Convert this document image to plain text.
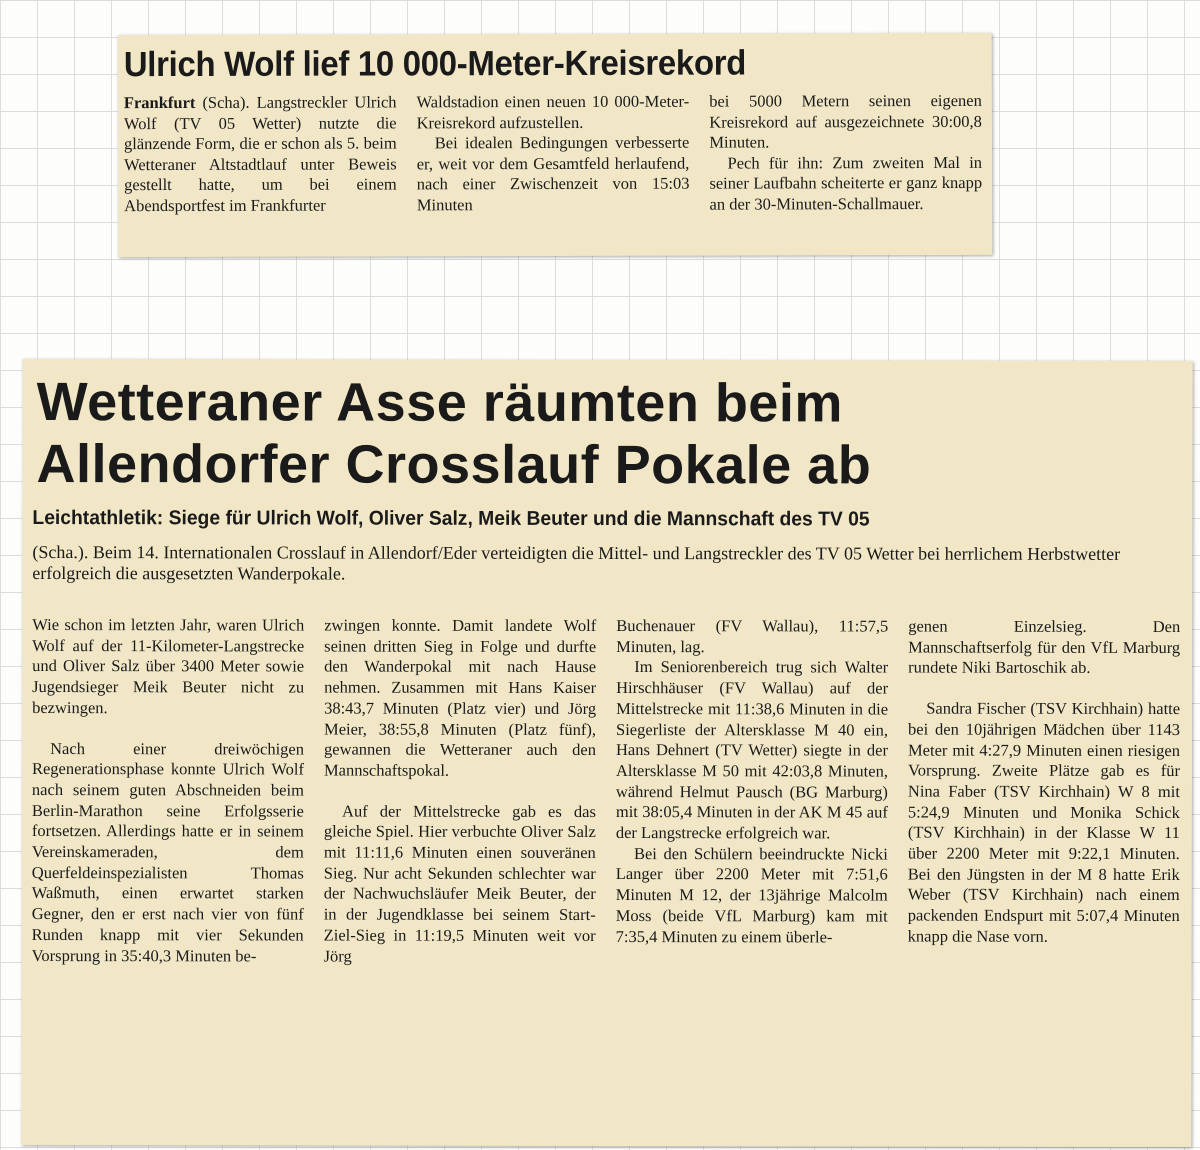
Ulrich Wolf lief 10 000-Meter-Kreisrekord

Frankfurt (Scha). Langstreckler Ulrich Wolf (TV 05 Wetter) nutzte die glänzende Form, die er schon als 5. beim Wetteraner Altstadtlauf unter Beweis gestellt hatte, um bei einem Abendsportfest im Frankfurter

Waldstadion einen neuen 10 000-Meter-Kreisrekord aufzustellen.

Bei idealen Bedingungen verbesserte er, weit vor dem Gesamtfeld herlaufend, nach einer Zwischenzeit von 15:03 Minuten

bei 5000 Metern seinen eigenen Kreisrekord auf ausgezeichnete 30:00,8 Minuten.

Pech für ihn: Zum zweiten Mal in seiner Laufbahn scheiterte er ganz knapp an der 30-Minuten-Schallmauer.

Wetteraner Asse räumten beim
Allendorfer Crosslauf Pokale ab
Leichtathletik: Siege für Ulrich Wolf, Oliver Salz, Meik Beuter und die Mannschaft des TV 05
(Scha.). Beim 14. Internationalen Crosslauf in Allendorf/Eder verteidigten die Mittel- und Langstreckler des TV 05 Wetter bei herrlichem Herbstwetter erfolgreich die ausgesetzten Wanderpokale.

Wie schon im letzten Jahr, waren Ulrich Wolf auf der 11-Kilometer-Langstrecke und Oliver Salz über 3400 Meter sowie Jugendsieger Meik Beuter nicht zu bezwingen.

Nach einer dreiwöchigen Regenerationsphase konnte Ulrich Wolf nach seinem guten Abschneiden beim Berlin-Marathon seine Erfolgsserie fortsetzen. Allerdings hatte er in seinem Vereinskameraden, dem Querfeldeinspezialisten Thomas Waßmuth, einen erwartet starken Gegner, den er erst nach vier von fünf Runden knapp mit vier Sekunden Vorsprung in 35:40,3 Minuten be-

zwingen konnte. Damit landete Wolf seinen dritten Sieg in Folge und durfte den Wanderpokal mit nach Hause nehmen. Zusammen mit Hans Kaiser 38:43,7 Minuten (Platz vier) und Jörg Meier, 38:55,8 Minuten (Platz fünf), gewannen die Wetteraner auch den Mannschaftspokal.

Auf der Mittelstrecke gab es das gleiche Spiel. Hier verbuchte Oliver Salz mit 11:11,6 Minuten einen souveränen Sieg. Nur acht Sekunden schlechter war der Nachwuchsläufer Meik Beuter, der in der Jugendklasse bei seinem Start-Ziel-Sieg in 11:19,5 Minuten weit vor Jörg

Buchenauer (FV Wallau), 11:57,5 Minuten, lag.

Im Seniorenbereich trug sich Walter Hirschhäuser (FV Wallau) auf der Mittelstrecke mit 11:38,6 Minuten in die Siegerliste der Altersklasse M 40 ein, Hans Dehnert (TV Wetter) siegte in der Altersklasse M 50 mit 42:03,8 Minuten, während Helmut Pausch (BG Marburg) mit 38:05,4 Minuten in der AK M 45 auf der Langstrecke erfolgreich war.

Bei den Schülern beeindruckte Nicki Langer über 2200 Meter mit 7:51,6 Minuten M 12, der 13jährige Malcolm Moss (beide VfL Marburg) kam mit 7:35,4 Minuten zu einem überle-

genen Einzelsieg. Den Mannschaftserfolg für den VfL Marburg rundete Niki Bartoschik ab.

Sandra Fischer (TSV Kirchhain) hatte bei den 10jährigen Mädchen über 1143 Meter mit 4:27,9 Minuten einen riesigen Vorsprung. Zweite Plätze gab es für Nina Faber (TSV Kirchhain) W 8 mit 5:24,9 Minuten und Monika Schick (TSV Kirchhain) in der Klasse W 11 über 2200 Meter mit 9:22,1 Minuten. Bei den Jüngsten in der M 8 hatte Erik Weber (TSV Kirchhain) nach einem packenden Endspurt mit 5:07,4 Minuten knapp die Nase vorn.
